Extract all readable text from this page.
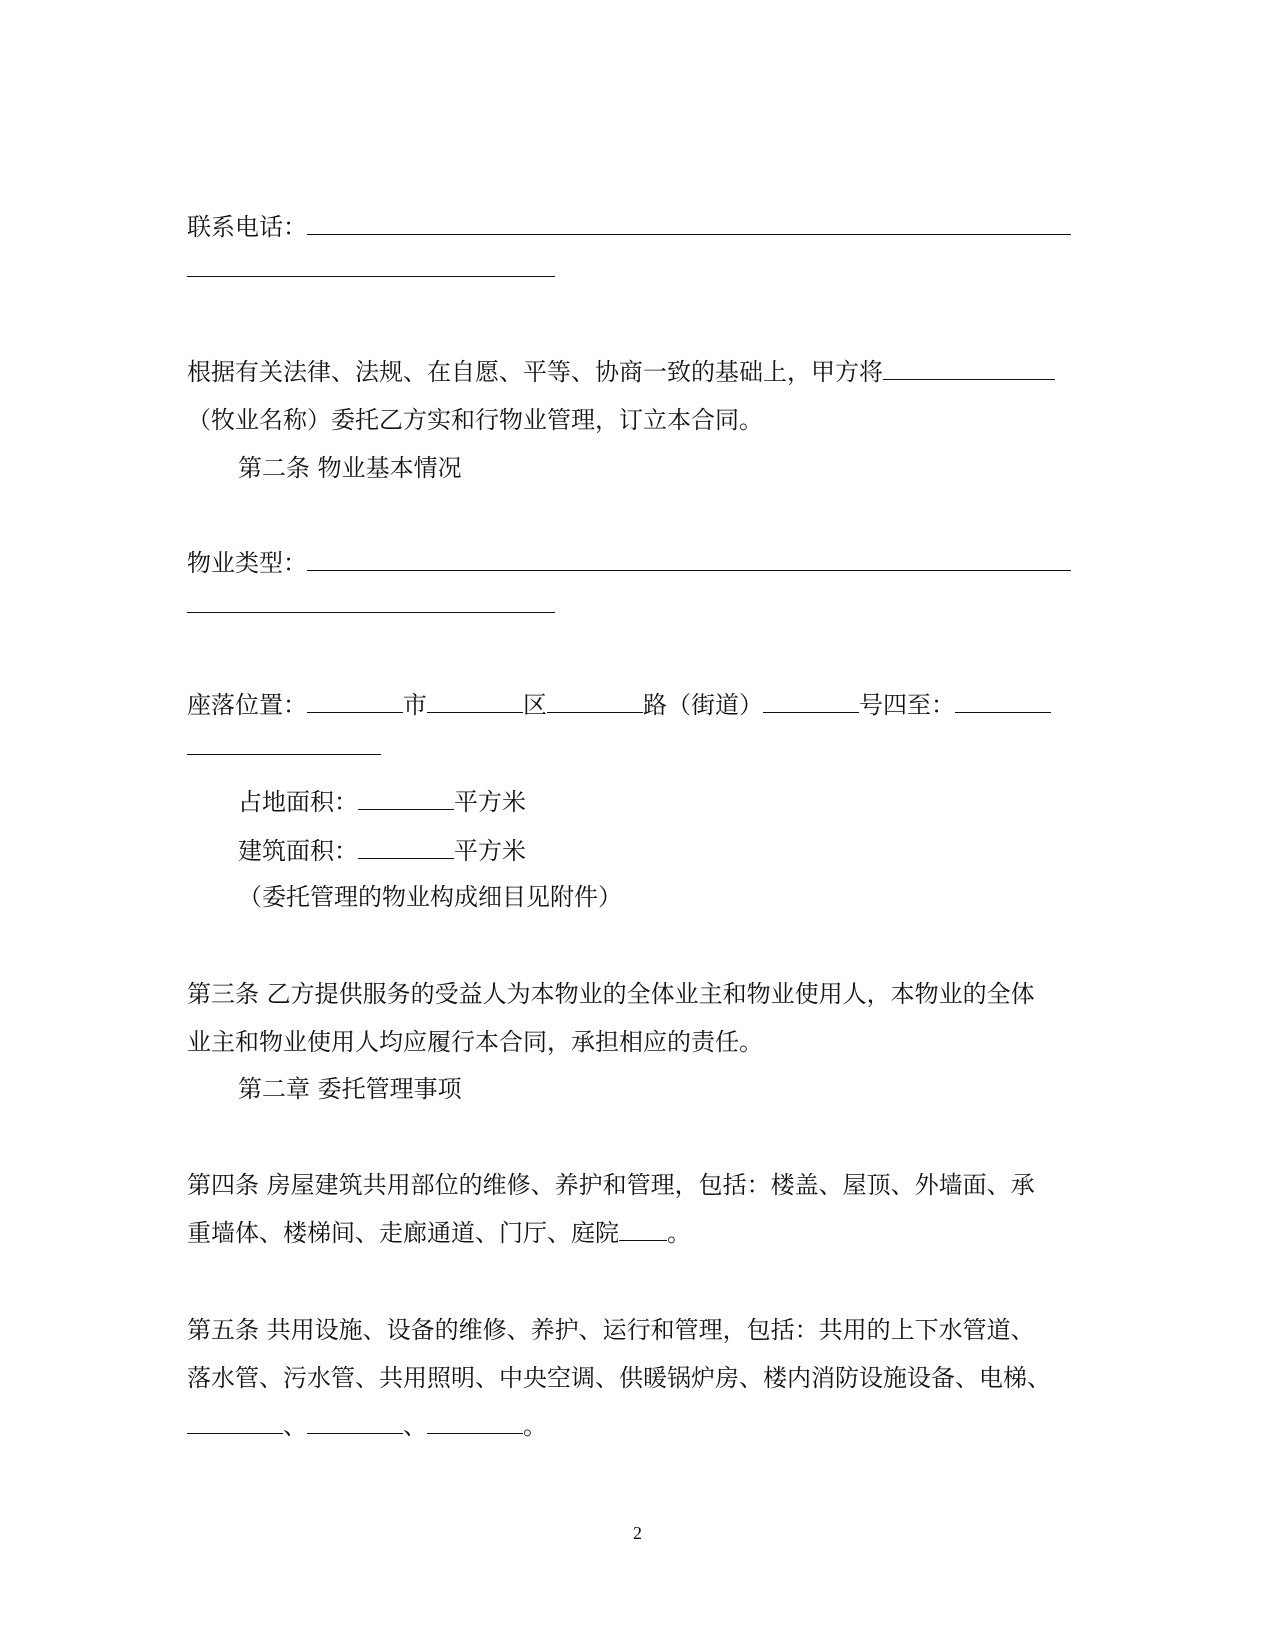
联系电话：
根据有关法律、法规、在自愿、平等、协商一致的基础上，甲方将
（牧业名称）委托乙方实和行物业管理，订立本合同。
第二条 物业基本情况
物业类型：
座落位置：	市	区	路（街道）	号四至：
占地面积：	平方米
建筑面积：	平方米
（委托管理的物业构成细目见附件）
第三条 乙方提供服务的受益人为本物业的全体业主和物业使用人，本物业的全体
业主和物业使用人均应履行本合同，承担相应的责任。
第二章 委托管理事项
第四条 房屋建筑共用部位的维修、养护和管理，包括：楼盖、屋顶、外墙面、承
重墙体、楼梯间、走廊通道、门厅、庭院 。
第五条 共用设施、设备的维修、养护、运行和管理，包括：共用的上下水管道、
落水管、污水管、共用照明、中央空调、供暖锅炉房、楼内消防设施设备、电梯、
、	、	。
2
